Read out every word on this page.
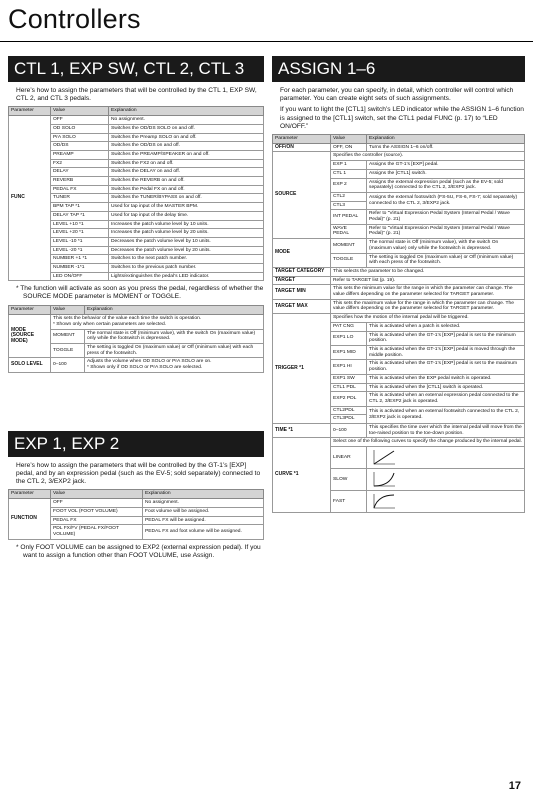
Controllers
CTL 1, EXP SW, CTL 2, CTL 3

Here’s how to assign the parameters that will be controlled by the CTL 1, EXP SW, CTL 2, and CTL 3 pedals.

Parameter	Value	Explanation
FUNC	OFF	No assignment.
	OD SOLO	Switches the OD/DS SOLO on and off.
	PrA SOLO	Switches the Preamp SOLO on and off.
	OD/DS	Switches the OD/DS on and off.
	PREAMP	Switches the PREAMP/SPEAKER on and off.
	FX2	Switches the FX2 on and off.
	DELAY	Switches the DELAY on and off.
	REVERB	Switches the REVERB on and off.
	PEDAL FX	Switches the Pedal FX on and off.
	TUNER	Switches the TUNER/BYPASS on and off.
	BPM TAP *1	Used for tap input of the MASTER BPM.
	DELAY TAP *1	Used for tap input of the delay time.
	LEVEL +10 *1	Increases the patch volume level by 10 units.
	LEVEL +20 *1	Increases the patch volume level by 20 units.
	LEVEL -10 *1	Decreases the patch volume level by 10 units.
	LEVEL -20 *1	Decreases the patch volume level by 20 units.
	NUMBER +1 *1	Switches to the next patch number.
	NUMBER -1*1	Switches to the previous patch number.
	LED ON/OFF	Lights/extinguishes the pedal’s LED indicator.

* The function will activate as soon as you press the pedal, regardless of whether the SOURCE MODE parameter is MOMENT or TOGGLE.

Parameter	Value	Explanation
MODE (SOURCE MODE)	This sets the behavior of the value each time the switch is operation.
* Shown only when certain parameters are selected.	

	MOMENT	The normal state is Off (minimum value), with the switch On (maximum value) only while the footswitch is depressed.
	TOGGLE	The setting is toggled On (maximum value) or Off (minimum value) with each press of the footswitch.
SOLO LEVEL	0–100	Adjusts the volume when OD SOLO or PrA SOLO are on.
* Shown only if OD SOLO or PrA SOLO are selected.
EXP 1, EXP 2

Here’s how to assign the parameters that will be controlled by the GT-1’s [EXP] pedal, and by an expression pedal (such as the EV-5; sold separately) connected to the CTL 2, 3/EXP2 jack.

Parameter	Value	Explanation
FUNCTION	OFF	No assignment.
	FOOT VOL (FOOT VOLUME)	Foot volume will be assigned.
	PEDAL FX	PEDAL FX will be assigned.
	PDL FX/FV (PEDAL FX/FOOT VOLUME)	PEDAL FX and foot volume will be assigned.

* Only FOOT VOLUME can be assigned to EXP2 (external expression pedal). If you want to assign a function other than FOOT VOLUME, use Assign.

ASSIGN 1–6

For each parameter, you can specify, in detail, which controller will control which parameter. You can create eight sets of such assignments.

If you want to light the [CTL1] switch’s LED indicator while the ASSIGN 1–6 function is assigned to the [CTL1] switch, set the CTL1 pedal FUNC (p. 17) to “LED ON/OFF.”

Parameter	Value	Explanation
OFF/ON	OFF, ON	Turns the ASSIGN 1–6 on/off.
SOURCE	Specifies the controller (source).	
	EXP 1	Assigns the GT-1’s [EXP] pedal.
	CTL 1	Assigns the [CTL1] switch.
	EXP 2	Assigns the external expression pedal (such as the EV-5; sold separately) connected to the CTL 2, 3/EXP2 jack.
	CTL2	Assigns the external footswitch (FS-5U, FS-6, FS-7; sold separately) connected to the CTL 2, 3/EXP2 jack.
	CTL3	
	INT PEDAL	Refer to “Virtual Expression Pedal System (Internal Pedal / Wave Pedal)” (p. 21)
	WAVE PEDAL	Refer to “Virtual Expression Pedal System (Internal Pedal / Wave Pedal)” (p. 21)
MODE	MOMENT	The normal state is Off (minimum value), with the switch On (maximum value) only while the footswitch is depressed.
	TOGGLE	The setting is toggled On (maximum value) or Off (minimum value) with each press of the footswitch.
TARGET CATEGORY	This selects the parameter to be changed.	
TARGET	Refer to TARGET list (p. 19).	
TARGET MIN	This sets the minimum value for the range in which the parameter can change. The value differs depending on the parameter selected for TARGET parameter.	
TARGET MAX	This sets the maximum value for the range in which the parameter can change. The value differs depending on the parameter selected for TARGET parameter.	
TRIGGER *1	Specifies how the motion of the internal pedal will be triggered.	
	PAT CNG	This is activated when a patch is selected.
	EXP1 LO	This is activated when the GT-1’s [EXP] pedal is set to the minimum position.
	EXP1 MID	This is activated when the GT-1’s [EXP] pedal is moved through the middle position.
	EXP1 HI	This is activated when the GT-1’s [EXP] pedal is set to the maximum position.
	EXP1 SW	This is activated when the EXP pedal switch is operated.
	CTL1 PDL	This is activated when the [CTL1] switch is operated.
	EXP2 PDL	This is activated when an external expression pedal connected to the CTL 2, 3/EXP2 jack is operated.
	CTL2PDL	This is activated when an external footswitch connected to the CTL 2, 3/EXP2 jack is operated.
	CTL3PDL	
TIME *1	0–100	This specifies the time over which the internal pedal will move from the toe-raised position to the toe-down position.
CURVE *1	Select one of the following curves to specify the change produced by the internal pedal.	
	LINEAR	

	SLOW	

	FAST	
17
